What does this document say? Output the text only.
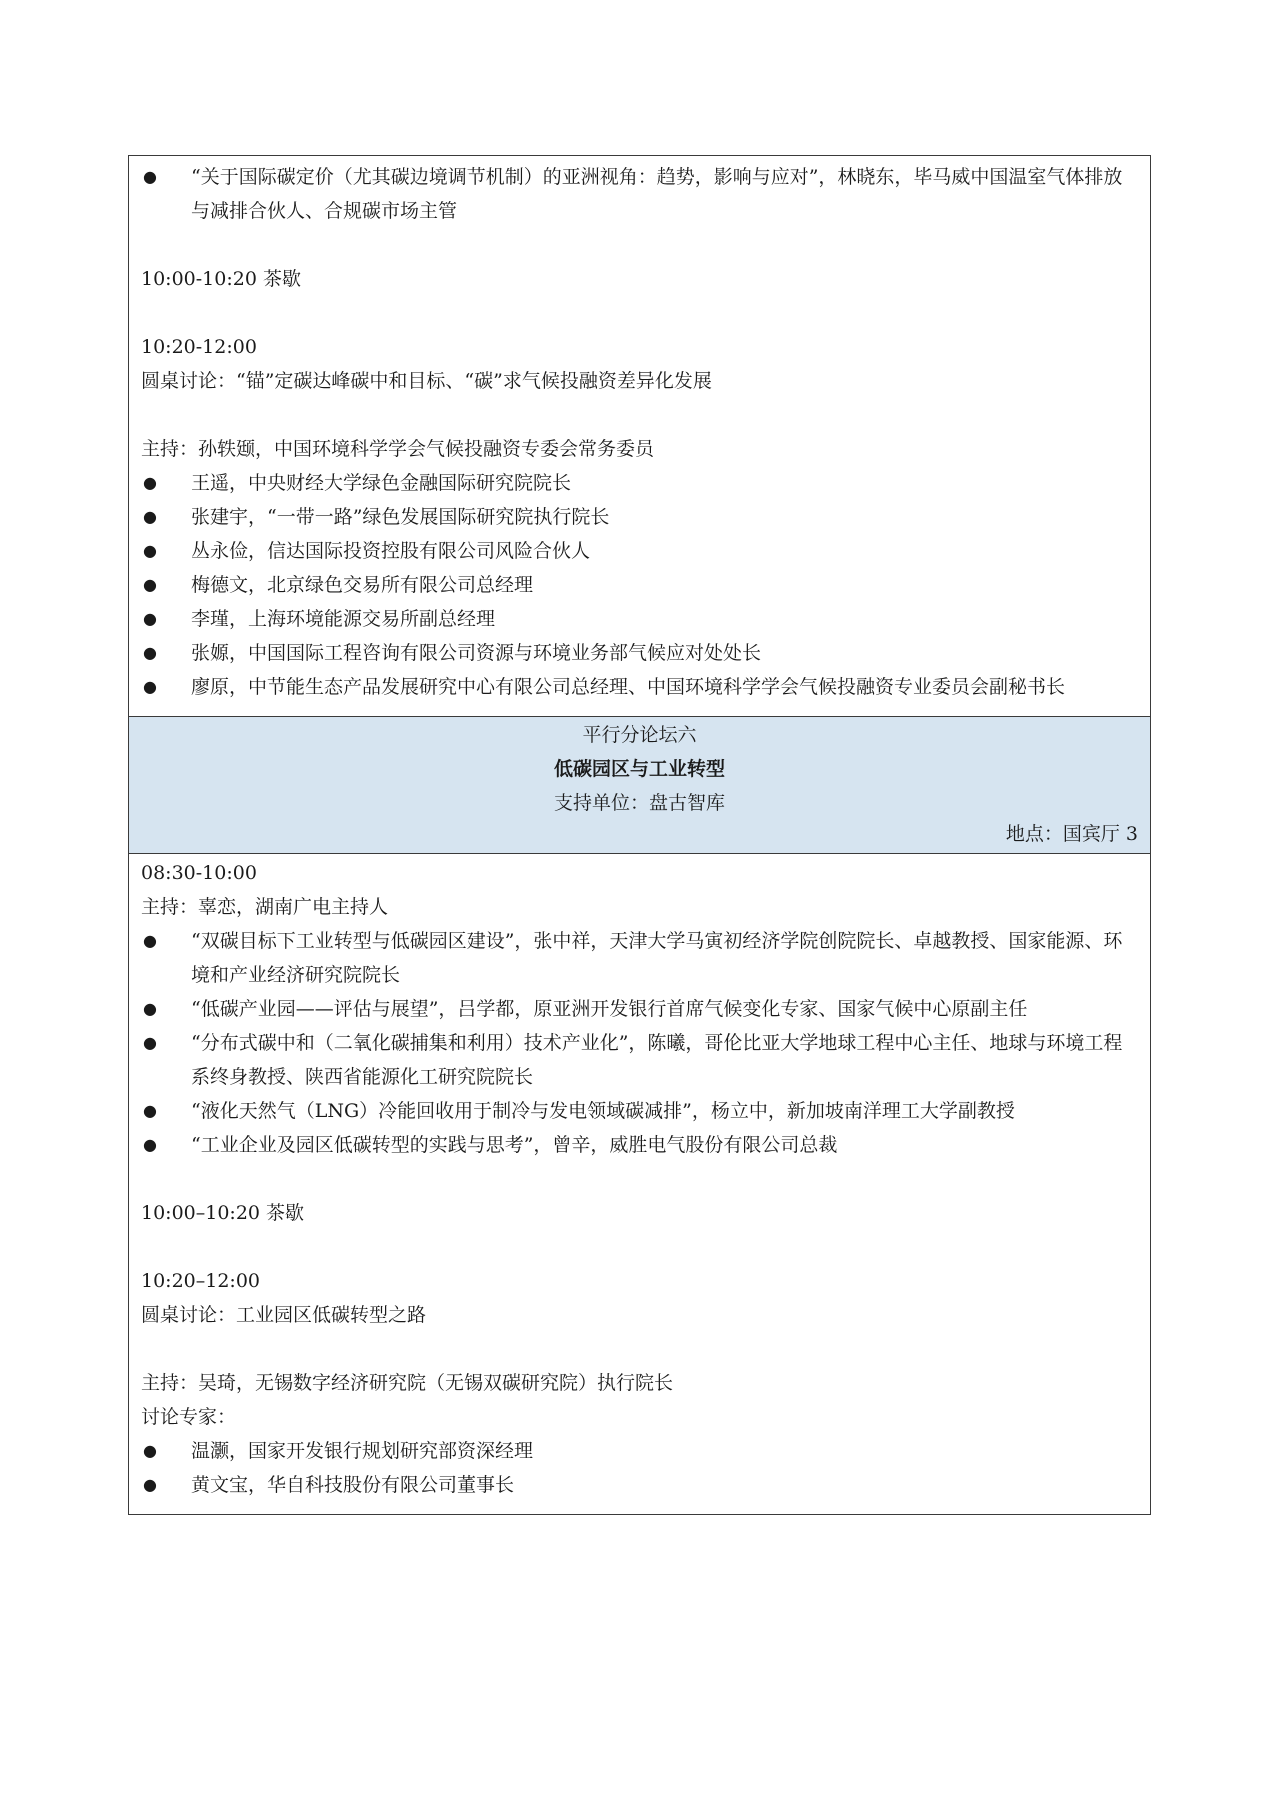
●	“关于国际碳定价（尤其碳边境调节机制）的亚洲视角：趋势，影响与应对”，林晓东，毕马威中国温室气体排放与减排合伙人、合规碳市场主管
10:00-10:20 茶歇
10:20-12:00
圆桌讨论：“锚”定碳达峰碳中和目标、“碳”求气候投融资差异化发展
主持：孙轶颋，中国环境科学学会气候投融资专委会常务委员
●	王遥，中央财经大学绿色金融国际研究院院长
●	张建宇，“一带一路”绿色发展国际研究院执行院长
●	丛永俭，信达国际投资控股有限公司风险合伙人
●	梅德文，北京绿色交易所有限公司总经理
●	李瑾，上海环境能源交易所副总经理
●	张嫄，中国国际工程咨询有限公司资源与环境业务部气候应对处处长
●	廖原，中节能生态产品发展研究中心有限公司总经理、中国环境科学学会气候投融资专业委员会副秘书长
平行分论坛六
低碳园区与工业转型
支持单位：盘古智库
地点：国宾厅 3
08:30-10:00
主持：辜恋，湖南广电主持人
●	“双碳目标下工业转型与低碳园区建设”，张中祥，天津大学马寅初经济学院创院院长、卓越教授、国家能源、环境和产业经济研究院院长
●	“低碳产业园——评估与展望”，吕学都，原亚洲开发银行首席气候变化专家、国家气候中心原副主任
●	“分布式碳中和（二氧化碳捕集和利用）技术产业化”，陈曦，哥伦比亚大学地球工程中心主任、地球与环境工程系终身教授、陕西省能源化工研究院院长
●	“液化天然气（LNG）冷能回收用于制冷与发电领域碳减排”，杨立中，新加坡南洋理工大学副教授
●	“工业企业及园区低碳转型的实践与思考”，曾辛，威胜电气股份有限公司总裁
10:00–10:20 茶歇
10:20–12:00
圆桌讨论：工业园区低碳转型之路
主持：吴琦，无锡数字经济研究院（无锡双碳研究院）执行院长
讨论专家：
●	温灏，国家开发银行规划研究部资深经理
●	黄文宝，华自科技股份有限公司董事长
